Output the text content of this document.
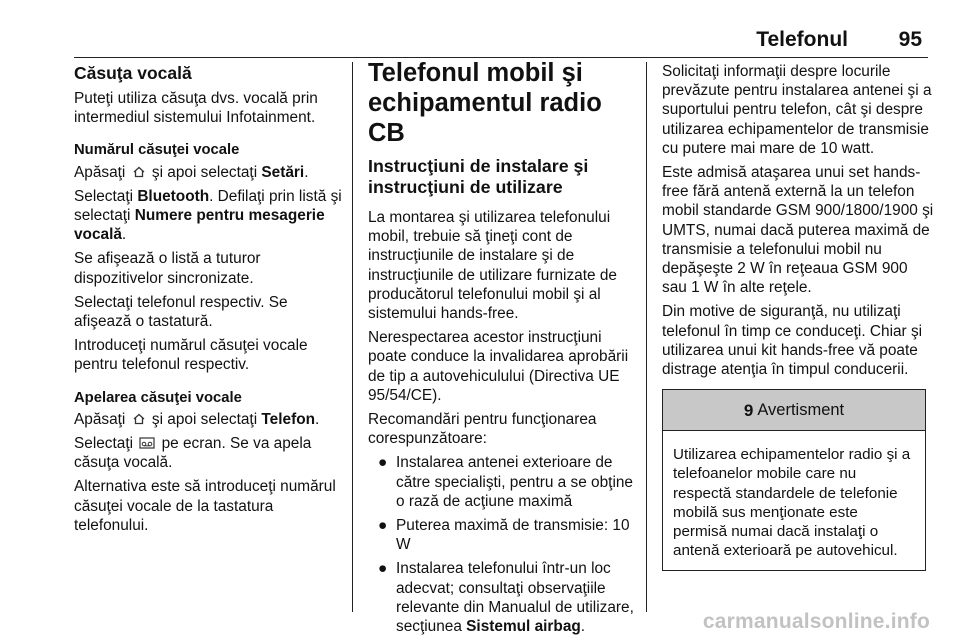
Telefonul 95
Căsuţa vocală

Puteţi utiliza căsuţa dvs. vocală prin intermediul sistemului Infotainment.

Numărul căsuţei vocale

Apăsaţi şi apoi selectaţi Setări.

Selectaţi Bluetooth. Defilaţi prin listă şi selectaţi Numere pentru mesagerie vocală.

Se afişează o listă a tuturor dispozitivelor sincronizate.

Selectaţi telefonul respectiv. Se afişează o tastatură.

Introduceţi numărul căsuţei vocale pentru telefonul respectiv.

Apelarea căsuţei vocale

Apăsaţi şi apoi selectaţi Telefon.

Selectaţi pe ecran. Se va apela căsuţa vocală.

Alternativa este să introduceţi numărul căsuţei vocale de la tastatura telefonului.

Telefonul mobil şi echipamentul radio CB
Instrucţiuni de instalare şi instrucţiuni de utilizare

La montarea şi utilizarea telefonului mobil, trebuie să ţineţi cont de instrucţiunile de instalare şi de instrucţiunile de utilizare furnizate de producătorul telefonului mobil şi al sistemului hands-free.

Nerespectarea acestor instrucţiuni poate conduce la invalidarea aprobării de tip a autovehiculului (Directiva UE 95/54/CE).

Recomandări pentru funcţionarea corespunzătoare:

● Instalarea antenei exterioare de către specialişti, pentru a se obţine o rază de acţiune maximă
● Puterea maximă de transmisie: 10 W
● Instalarea telefonului într-un loc adecvat; consultaţi observaţiile relevante din Manualul de utilizare, secţiunea Sistemul airbag.

Solicitaţi informaţii despre locurile prevăzute pentru instalarea antenei şi a suportului pentru telefon, cât şi despre utilizarea echipamentelor de transmisie cu putere mai mare de 10 watt.

Este admisă ataşarea unui set hands-free fără antenă externă la un telefon mobil standarde GSM 900/1800/1900 şi UMTS, numai dacă puterea maximă de transmisie a telefonului mobil nu depăşeşte 2 W în reţeaua GSM 900 sau 1 W în alte reţele.

Din motive de siguranţă, nu utilizaţi telefonul în timp ce conduceţi. Chiar şi utilizarea unui kit hands-free vă poate distrage atenţia în timpul conducerii.

9 Avertisment
Utilizarea echipamentelor radio şi a telefoanelor mobile care nu respectă standardele de telefonie mobilă sus menţionate este permisă numai dacă instalaţi o antenă exterioară pe autovehicul.
carmanualsonline.info
